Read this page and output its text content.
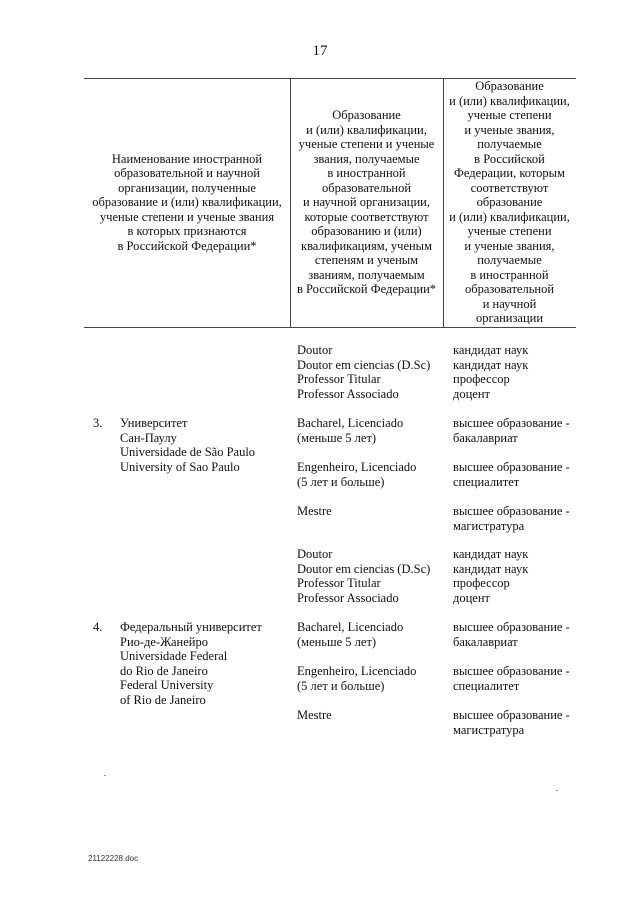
17
Наименование иностранной
образовательной и научной
организации, полученные
образование и (или) квалификации,
ученые степени и ученые звания
в которых признаются
в Российской Федерации*
Образование
и (или) квалификации,
ученые степени и ученые
звания, получаемые
в иностранной
образовательной
и научной организации,
которые соответствуют
образованию и (или)
квалификациям, ученым
степеням и ученым
званиям, получаемым
в Российской Федерации*
Образование
и (или) квалификации,
ученые степени
и ученые звания,
получаемые
в Российской
Федерации, которым
соответствуют
образование
и (или) квалификации,
ученые степени
и ученые звания,
получаемые
в иностранной
образовательной
и научной
организации
Doutor
Doutor em ciencias (D.Sc)
Professor Titular
Professor Associado
кандидат наук
кандидат наук
профессор
доцент
3. Университет
Сан-Паулу
Universidade de São Paulo
University of Sao Paulo
Bacharel, Licenciado
(меньше 5 лет)
высшее образование -
бакалавриат
Engenheiro, Licenciado
(5 лет и больше)
высшее образование -
специалитет
Mestre	высшее образование -
магистратура
Doutor
Doutor em ciencias (D.Sc)
Professor Titular
Professor Associado
кандидат наук
кандидат наук
профессор
доцент
4. Федеральный университет
Рио-де-Жанейро
Universidade Federal
do Rio de Janeiro
Federal University
of Rio de Janeiro
Bacharel, Licenciado
(меньше 5 лет)
высшее образование -
бакалавриат
Engenheiro, Licenciado
(5 лет и больше)
высшее образование -
специалитет
Mestre	высшее образование -
магистратура
21122228.doc
